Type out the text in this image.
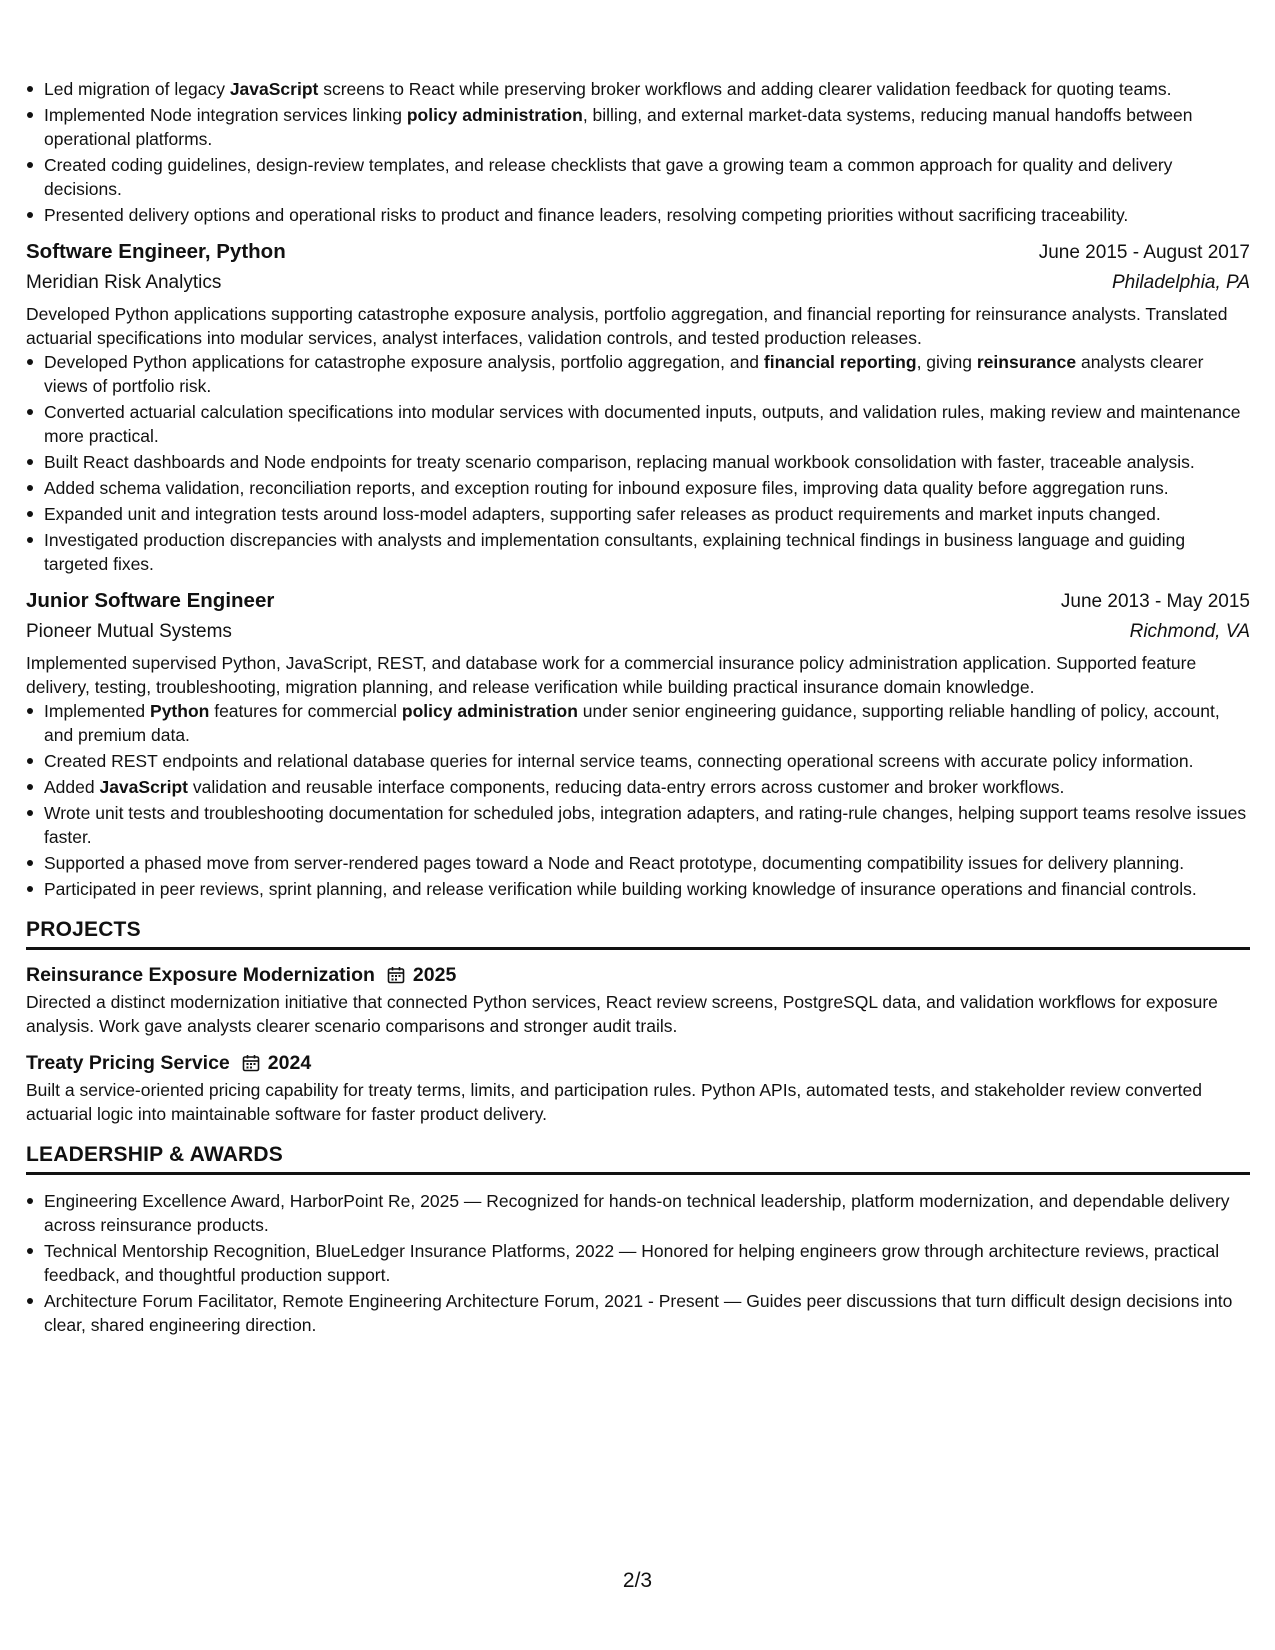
Led migration of legacy JavaScript screens to React while preserving broker workflows and adding clearer validation feedback for quoting teams.
Implemented Node integration services linking policy administration, billing, and external market-data systems, reducing manual handoffs between operational platforms.
Created coding guidelines, design-review templates, and release checklists that gave a growing team a common approach for quality and delivery decisions.
Presented delivery options and operational risks to product and finance leaders, resolving competing priorities without sacrificing traceability.
Software Engineer, Python	June 2015 - August 2017
Meridian Risk Analytics	Philadelphia, PA
Developed Python applications supporting catastrophe exposure analysis, portfolio aggregation, and financial reporting for reinsurance analysts. Translated actuarial specifications into modular services, analyst interfaces, validation controls, and tested production releases.
Developed Python applications for catastrophe exposure analysis, portfolio aggregation, and financial reporting, giving reinsurance analysts clearer views of portfolio risk.
Converted actuarial calculation specifications into modular services with documented inputs, outputs, and validation rules, making review and maintenance more practical.
Built React dashboards and Node endpoints for treaty scenario comparison, replacing manual workbook consolidation with faster, traceable analysis.
Added schema validation, reconciliation reports, and exception routing for inbound exposure files, improving data quality before aggregation runs.
Expanded unit and integration tests around loss-model adapters, supporting safer releases as product requirements and market inputs changed.
Investigated production discrepancies with analysts and implementation consultants, explaining technical findings in business language and guiding targeted fixes.
Junior Software Engineer	June 2013 - May 2015
Pioneer Mutual Systems	Richmond, VA
Implemented supervised Python, JavaScript, REST, and database work for a commercial insurance policy administration application. Supported feature delivery, testing, troubleshooting, migration planning, and release verification while building practical insurance domain knowledge.
Implemented Python features for commercial policy administration under senior engineering guidance, supporting reliable handling of policy, account, and premium data.
Created REST endpoints and relational database queries for internal service teams, connecting operational screens with accurate policy information.
Added JavaScript validation and reusable interface components, reducing data-entry errors across customer and broker workflows.
Wrote unit tests and troubleshooting documentation for scheduled jobs, integration adapters, and rating-rule changes, helping support teams resolve issues faster.
Supported a phased move from server-rendered pages toward a Node and React prototype, documenting compatibility issues for delivery planning.
Participated in peer reviews, sprint planning, and release verification while building working knowledge of insurance operations and financial controls.
PROJECTS
Reinsurance Exposure Modernization 2025
Directed a distinct modernization initiative that connected Python services, React review screens, PostgreSQL data, and validation workflows for exposure analysis. Work gave analysts clearer scenario comparisons and stronger audit trails.
Treaty Pricing Service 2024
Built a service-oriented pricing capability for treaty terms, limits, and participation rules. Python APIs, automated tests, and stakeholder review converted actuarial logic into maintainable software for faster product delivery.
LEADERSHIP & AWARDS
Engineering Excellence Award, HarborPoint Re, 2025 — Recognized for hands-on technical leadership, platform modernization, and dependable delivery across reinsurance products.
Technical Mentorship Recognition, BlueLedger Insurance Platforms, 2022 — Honored for helping engineers grow through architecture reviews, practical feedback, and thoughtful production support.
Architecture Forum Facilitator, Remote Engineering Architecture Forum, 2021 - Present — Guides peer discussions that turn difficult design decisions into clear, shared engineering direction.
2/3
